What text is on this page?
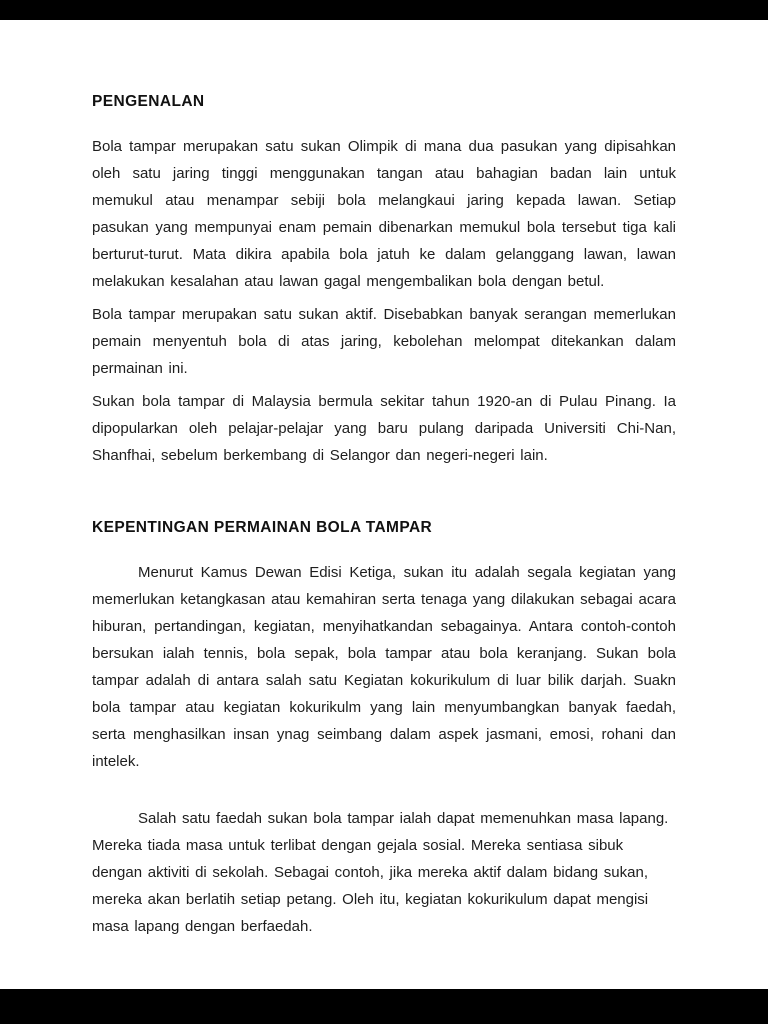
PENGENALAN

Bola tampar merupakan satu sukan Olimpik di mana dua pasukan yang dipisahkan oleh satu jaring tinggi menggunakan tangan atau bahagian badan lain untuk memukul atau menampar sebiji bola melangkaui jaring kepada lawan. Setiap pasukan yang mempunyai enam pemain dibenarkan memukul bola tersebut tiga kali berturut-turut. Mata dikira apabila bola jatuh ke dalam gelanggang lawan, lawan melakukan kesalahan atau lawan gagal mengembalikan bola dengan betul.

Bola tampar merupakan satu sukan aktif. Disebabkan banyak serangan memerlukan pemain menyentuh bola di atas jaring, kebolehan melompat ditekankan dalam permainan ini.

Sukan bola tampar di Malaysia bermula sekitar tahun 1920-an di Pulau Pinang. Ia dipopularkan oleh pelajar-pelajar yang baru pulang daripada Universiti Chi-Nan, Shanfhai, sebelum berkembang di Selangor dan negeri-negeri lain.

KEPENTINGAN PERMAINAN BOLA TAMPAR

Menurut Kamus Dewan Edisi Ketiga, sukan itu adalah segala kegiatan yang memerlukan ketangkasan atau kemahiran serta tenaga yang dilakukan sebagai acara hiburan, pertandingan, kegiatan, menyihatkandan sebagainya. Antara contoh-contoh bersukan ialah tennis, bola sepak, bola tampar atau bola keranjang. Sukan bola tampar adalah di antara salah satu Kegiatan kokurikulum di luar bilik darjah. Suakn bola tampar atau kegiatan kokurikulm yang lain menyumbangkan banyak faedah, serta menghasilkan insan ynag seimbang dalam aspek jasmani, emosi, rohani dan intelek.

Salah satu faedah sukan bola tampar ialah dapat memenuhkan masa lapang. Mereka tiada masa untuk terlibat dengan gejala sosial. Mereka sentiasa sibuk dengan aktiviti di sekolah. Sebagai contoh, jika mereka aktif dalam bidang sukan, mereka akan berlatih setiap petang. Oleh itu, kegiatan kokurikulum dapat mengisi masa lapang dengan berfaedah.
